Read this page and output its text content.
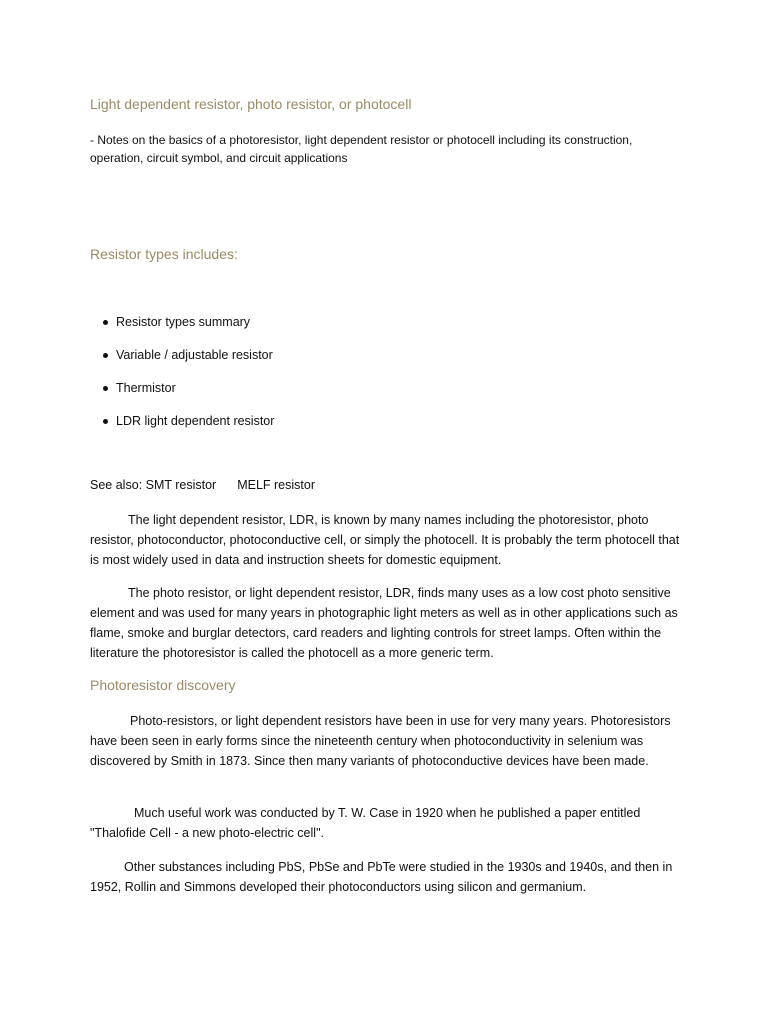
Light dependent resistor, photo resistor, or photocell
- Notes on the basics of a photoresistor, light dependent resistor or photocell including its construction, operation, circuit symbol, and circuit applications
Resistor types includes:
Resistor types summary
Variable / adjustable resistor
Thermistor
LDR light dependent resistor
See also: SMT resistor MELF resistor

The light dependent resistor, LDR, is known by many names including the photoresistor, photo resistor, photoconductor, photoconductive cell, or simply the photocell. It is probably the term photocell that is most widely used in data and instruction sheets for domestic equipment.

The photo resistor, or light dependent resistor, LDR, finds many uses as a low cost photo sensitive element and was used for many years in photographic light meters as well as in other applications such as flame, smoke and burglar detectors, card readers and lighting controls for street lamps. Often within the literature the photoresistor is called the photocell as a more generic term.

Photoresistor discovery

Photo-resistors, or light dependent resistors have been in use for very many years. Photoresistors have been seen in early forms since the nineteenth century when photoconductivity in selenium was discovered by Smith in 1873. Since then many variants of photoconductive devices have been made.

Much useful work was conducted by T. W. Case in 1920 when he published a paper entitled "Thalofide Cell - a new photo-electric cell".

Other substances including PbS, PbSe and PbTe were studied in the 1930s and 1940s, and then in 1952, Rollin and Simmons developed their photoconductors using silicon and germanium.
